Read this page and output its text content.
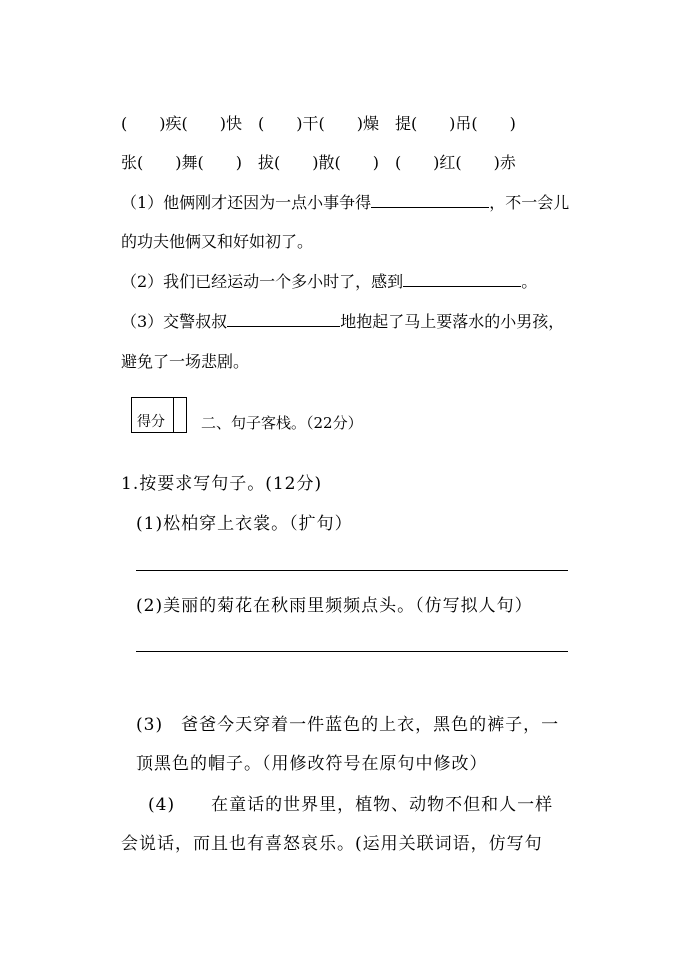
(　　)疾(　　)快　(　　)干(　　)燥　提(　　)吊(　　)
张(　　)舞(　　)　拔(　　)散(　　)　(　　)红(　　)赤
（1）他俩刚才还因为一点小事争得	，不一会儿
的功夫他俩又和好如初了。
（2）我们已经运动一个多小时了，感到	。
（3）交警叔叔	地抱起了马上要落水的小男孩，
避免了一场悲剧。
得分 二、句子客栈。（22分）
1.按要求写句子。(12分)
(1)松柏穿上衣裳。（扩句）
(2)美丽的菊花在秋雨里频频点头。（仿写拟人句）
(3)　爸爸今天穿着一件蓝色的上衣，黑色的裤子，一
顶黑色的帽子。（用修改符号在原句中修改）
(4)　　在童话的世界里，植物、动物不但和人一样
会说话，而且也有喜怒哀乐。(运用关联词语，仿写句
